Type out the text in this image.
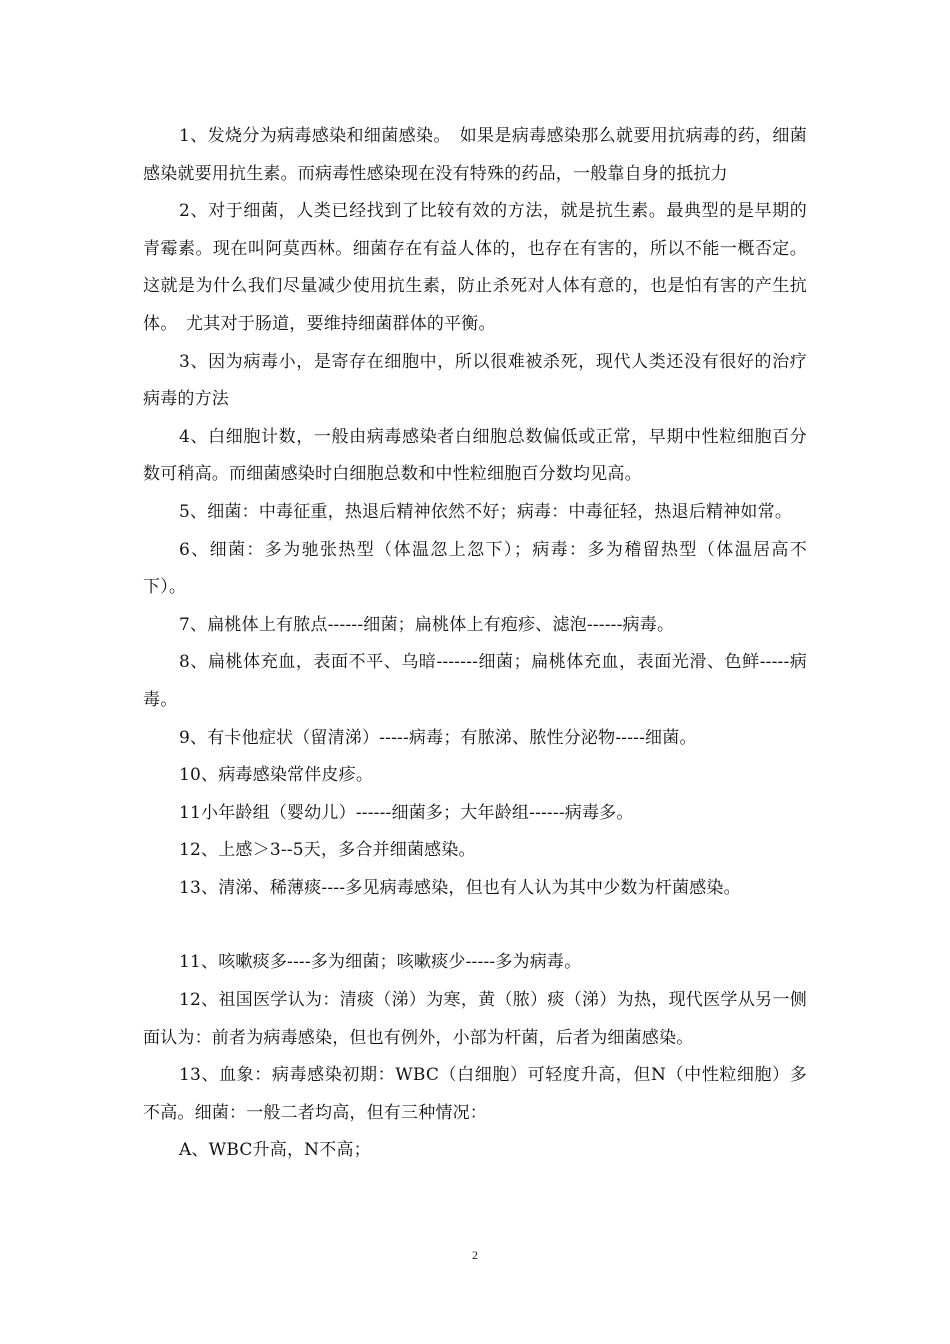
1、发烧分为病毒感染和细菌感染。　如果是病毒感染那么就要用抗病毒的药，细菌感染就要用抗生素。而病毒性感染现在没有特殊的药品，一般靠自身的抵抗力

2、对于细菌，人类已经找到了比较有效的方法，就是抗生素。最典型的是早期的青霉素。现在叫阿莫西林。细菌存在有益人体的，也存在有害的，所以不能一概否定。这就是为什么我们尽量减少使用抗生素，防止杀死对人体有意的，也是怕有害的产生抗体。　尤其对于肠道，要维持细菌群体的平衡。

3、因为病毒小，是寄存在细胞中，所以很难被杀死，现代人类还没有很好的治疗病毒的方法

4、白细胞计数，一般由病毒感染者白细胞总数偏低或正常，早期中性粒细胞百分数可稍高。而细菌感染时白细胞总数和中性粒细胞百分数均见高。

5、细菌：中毒征重，热退后精神依然不好；病毒：中毒征轻，热退后精神如常。

6、细菌：多为驰张热型（体温忽上忽下）；病毒：多为稽留热型（体温居高不下）。

7、扁桃体上有脓点------细菌；扁桃体上有疱疹、滤泡------病毒。

8、扁桃体充血，表面不平、乌暗-------细菌；扁桃体充血，表面光滑、色鲜-----病毒。

9、有卡他症状（留清涕）-----病毒；有脓涕、脓性分泌物-----细菌。

10、病毒感染常伴皮疹。

11小年龄组（婴幼儿）------细菌多；大年龄组------病毒多。

12、上感＞3--5天，多合并细菌感染。

13、清涕、稀薄痰----多见病毒感染，但也有人认为其中少数为杆菌感染。

11、咳嗽痰多----多为细菌；咳嗽痰少-----多为病毒。

12、祖国医学认为：清痰（涕）为寒，黄（脓）痰（涕）为热，现代医学从另一侧面认为：前者为病毒感染，但也有例外，小部为杆菌，后者为细菌感染。

13、血象：病毒感染初期：WBC（白细胞）可轻度升高，但N（中性粒细胞）多不高。细菌：一般二者均高，但有三种情况：

A、WBC升高，N不高；

2
